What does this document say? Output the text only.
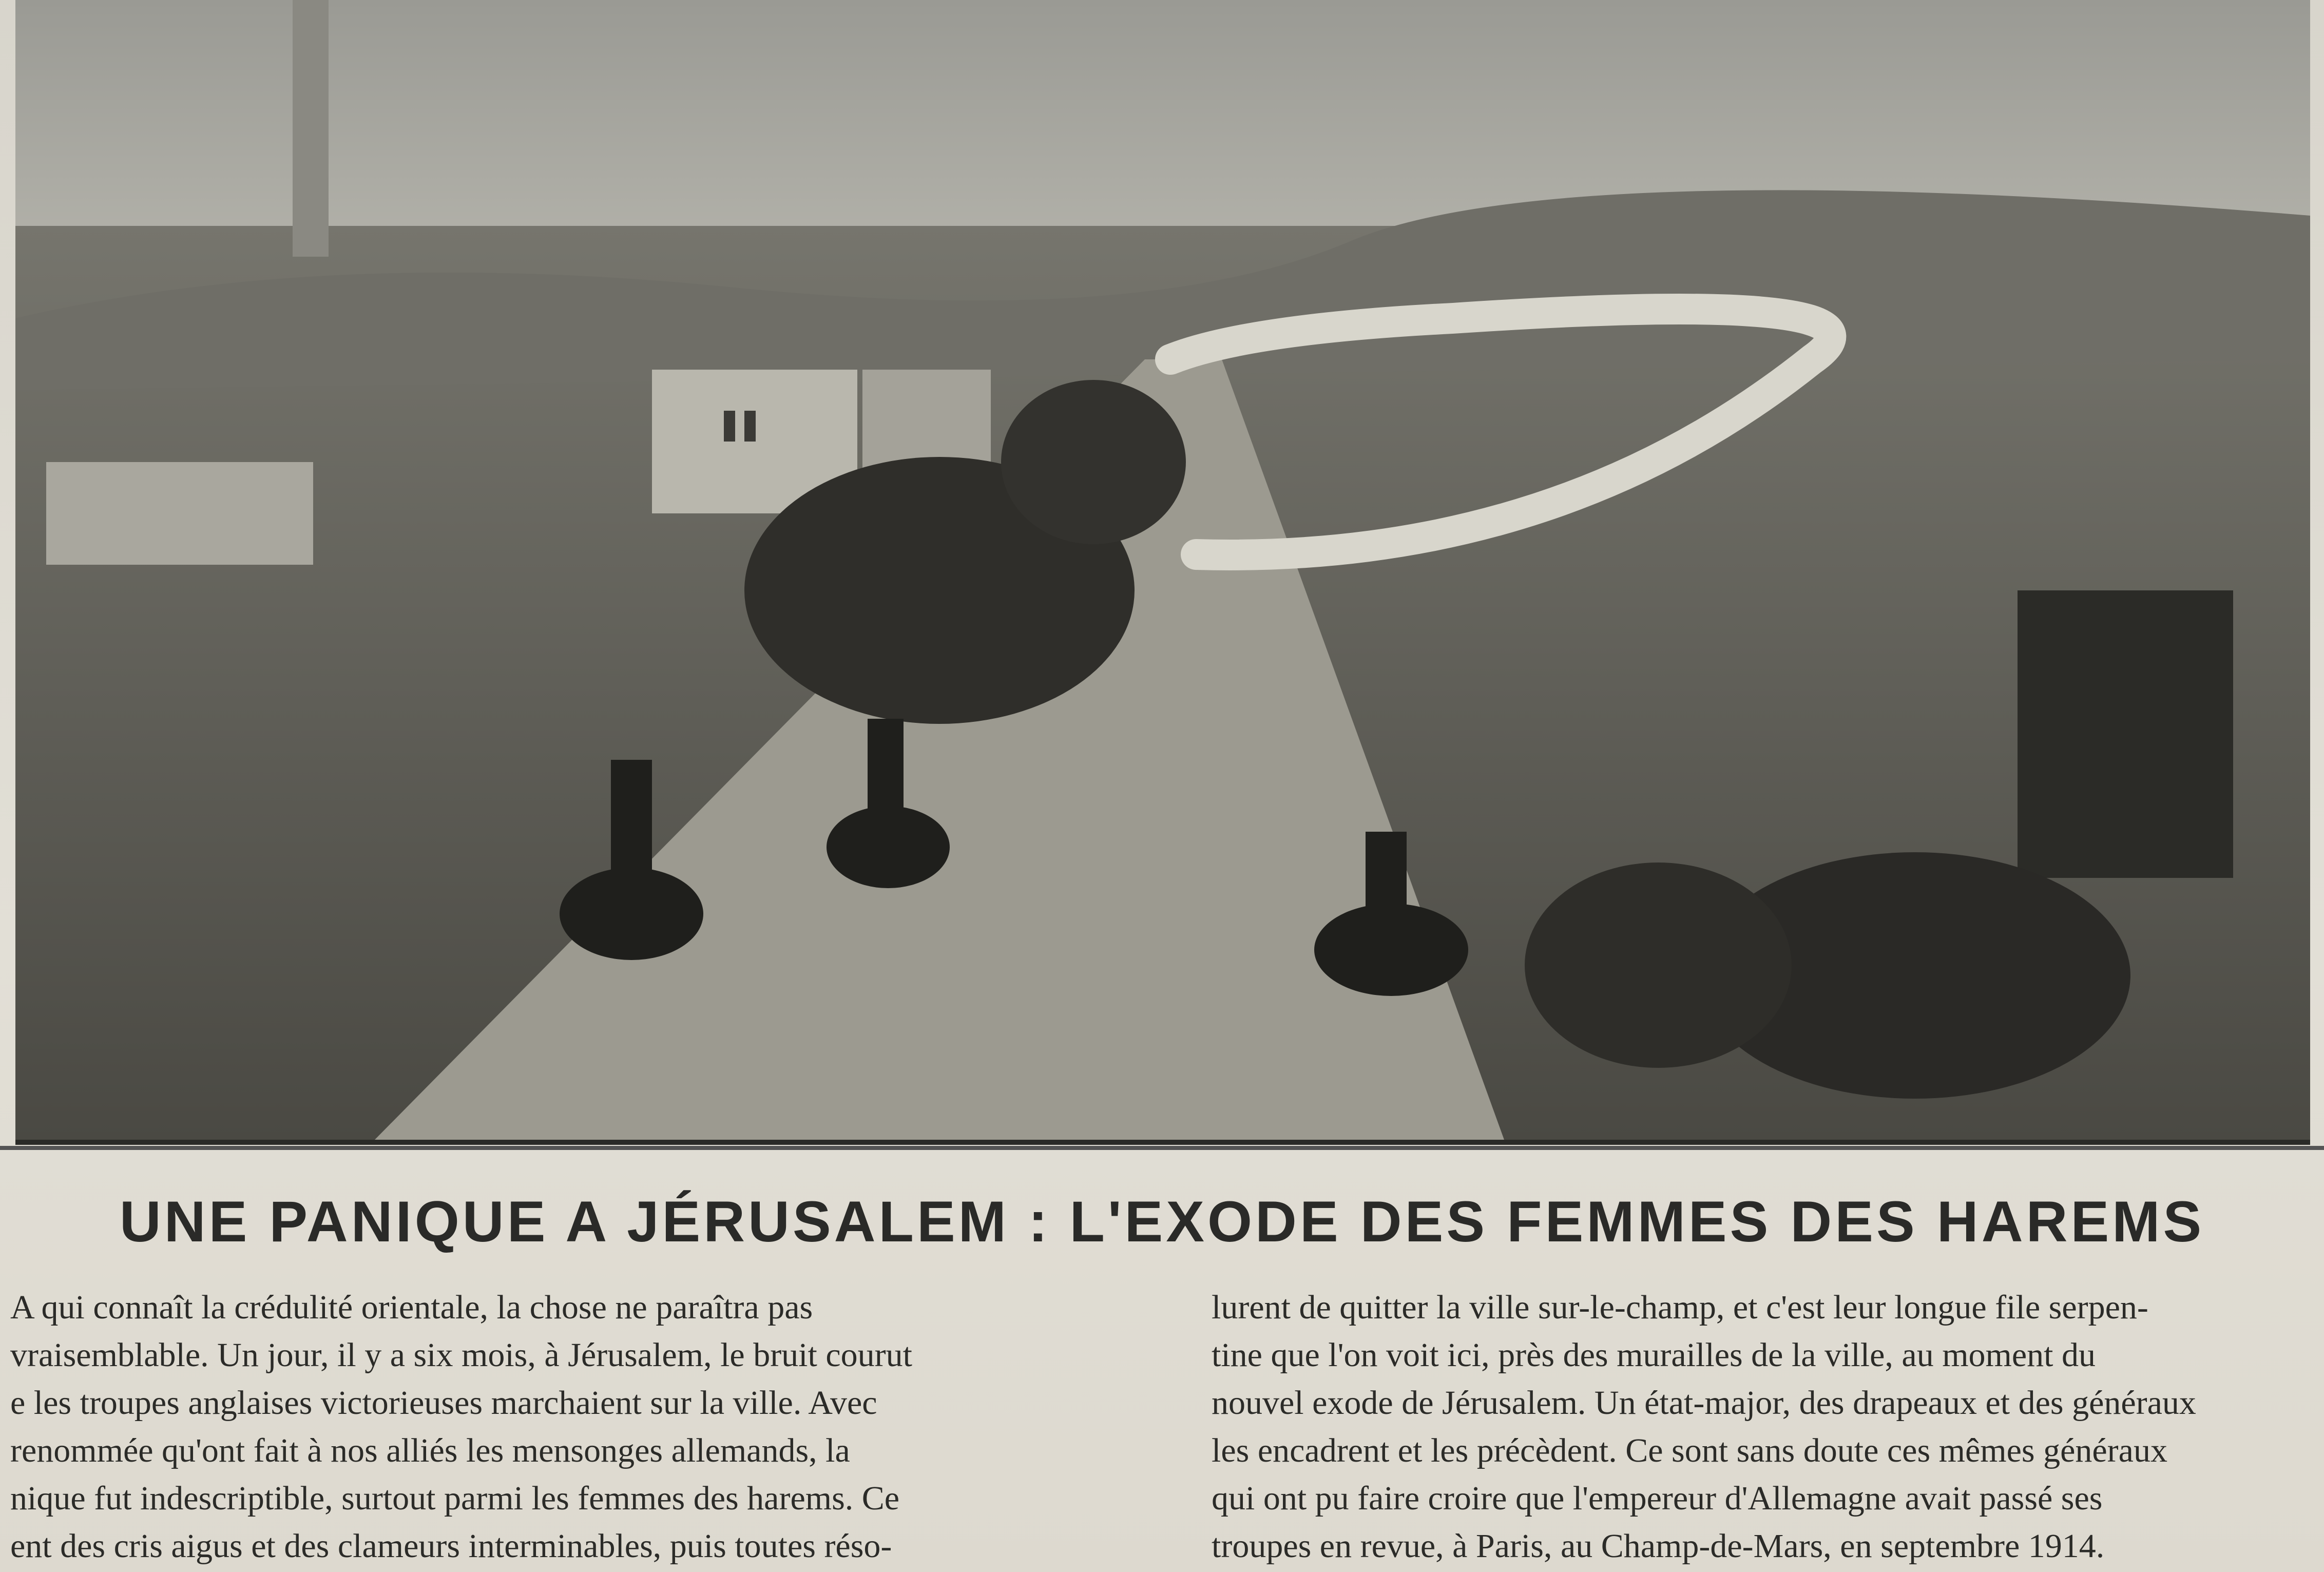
UNE PANIQUE A JÉRUSALEM : L'EXODE DES FEMMES DES HAREMS

A qui connaît la crédulité orientale, la chose ne paraîtra pas

vraisemblable. Un jour, il y a six mois, à Jérusalem, le bruit courut

e les troupes anglaises victorieuses marchaient sur la ville. Avec

renommée qu'ont fait à nos alliés les mensonges allemands, la

nique fut indescriptible, surtout parmi les femmes des harems. Ce

ent des cris aigus et des clameurs interminables, puis toutes réso-

lurent de quitter la ville sur-le-champ, et c'est leur longue file serpen-

tine que l'on voit ici, près des murailles de la ville, au moment du

nouvel exode de Jérusalem. Un état-major, des drapeaux et des généraux

les encadrent et les précèdent. Ce sont sans doute ces mêmes généraux

qui ont pu faire croire que l'empereur d'Allemagne avait passé ses

troupes en revue, à Paris, au Champ-de-Mars, en septembre 1914.
